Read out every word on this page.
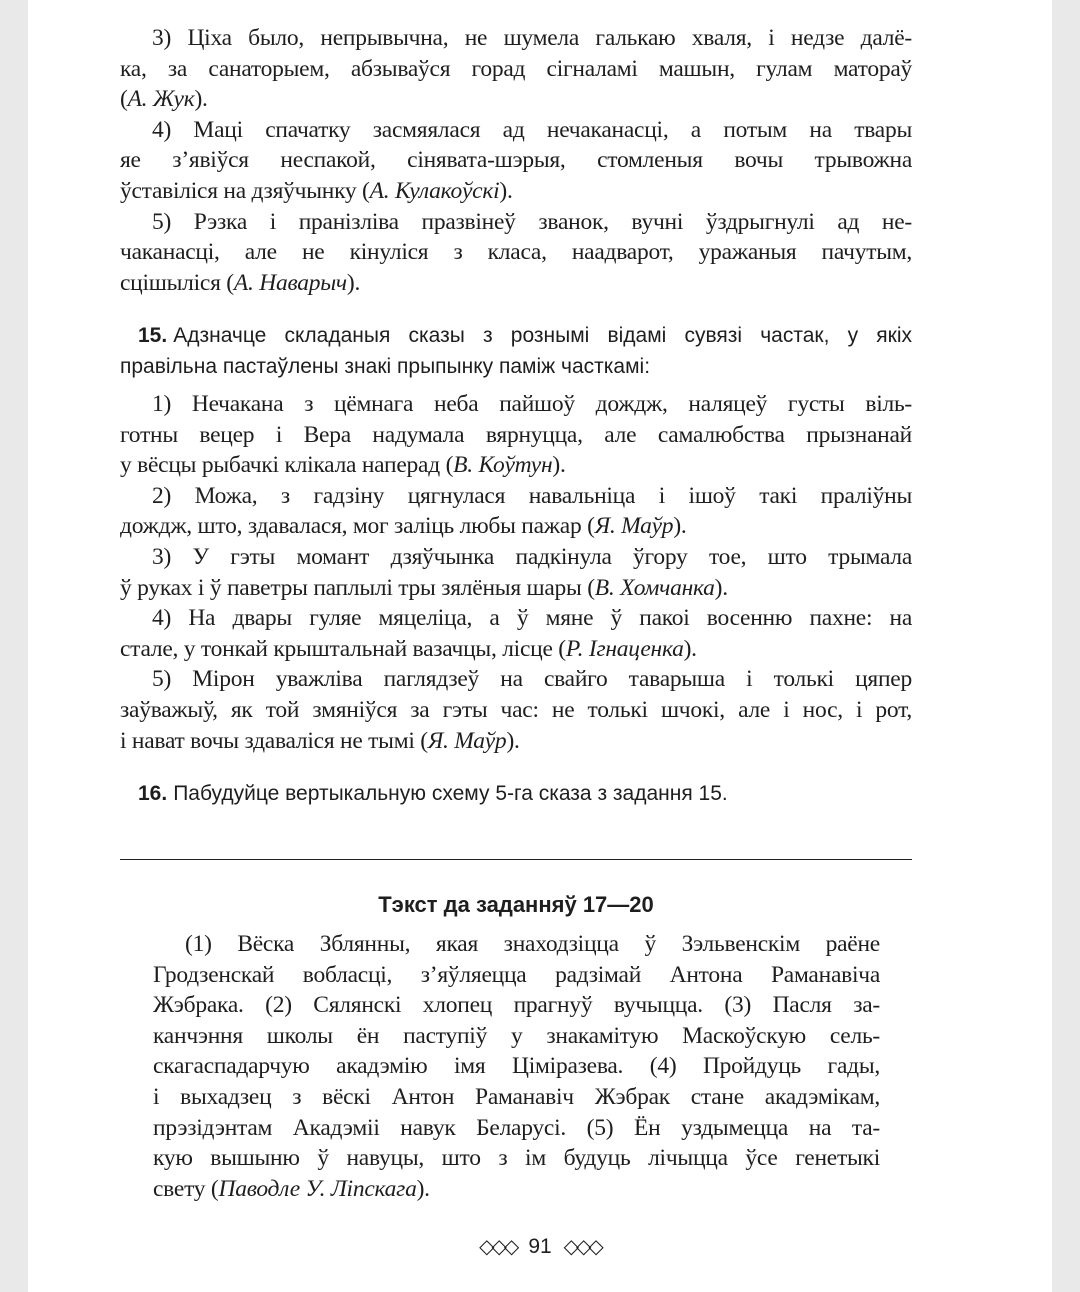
3) Ціха было, непрывычна, не шумела галькаю хваля, і недзе далё-
ка, за санаторыем, абзываўся горад сігналамі машын, гулам матораў
(А. Жук).
4) Маці спачатку засмяялася ад нечаканасці, а потым на твары
яе з’явіўся неспакой, сінявата-шэрыя, стомленыя вочы трывожна
ўставіліся на дзяўчынку (А. Кулакоўскі).
5) Рэзка і пранізліва празвінеў званок, вучні ўздрыгнулі ад не-
чаканасці, але не кінуліся з класа, наадварот, уражаныя пачутым,
сцішыліся (А. Наварыч).
15. Адзначце складаныя сказы з рознымі відамі сувязі частак, у якіх
правільна пастаўлены знакі прыпынку паміж часткамі:
1) Нечакана з цёмнага неба пайшоў дождж, наляцеў густы віль-
готны вецер і Вера надумала вярнуцца, але самалюбства прызнанай
у вёсцы рыбачкі клікала наперад (В. Коўтун).
2) Можа, з гадзіну цягнулася навальніца і ішоў такі праліўны
дождж, што, здавалася, мог заліць любы пажар (Я. Маўр).
3) У гэты момант дзяўчынка падкінула ўгору тое, што трымала
ў руках і ў паветры паплылі тры зялёныя шары (В. Хомчанка).
4) На двары гуляе мяцеліца, а ў мяне ў пакоі восенню пахне: на
стале, у тонкай крыштальнай вазачцы, лісце (Р. Ігнаценка).
5) Мірон уважліва паглядзеў на свайго таварыша і толькі цяпер
заўважыў, як той змяніўся за гэты час: не толькі шчокі, але і нос, і рот,
і нават вочы здаваліся не тымі (Я. Маўр).
16. Пабудуйце вертыкальную схему 5-га сказа з задання 15.
Тэкст да заданняў 17—20
(1) Вёска Зблянны, якая знаходзіцца ў Зэльвенскім раёне
Гродзенскай вобласці, з’яўляецца радзімай Антона Раманавіча
Жэбрака. (2) Сялянскі хлопец прагнуў вучыцца. (3) Пасля за-
канчэння школы ён паступіў у знакамітую Маскоўскую сель-
скагаспадарчую акадэмію імя Ціміразева. (4) Пройдуць гады,
і выхадзец з вёскі Антон Раманавіч Жэбрак стане акадэмікам,
прэзідэнтам Акадэміі навук Беларусі. (5) Ён уздымецца на та-
кую вышыню ў навуцы, што з ім будуць лічыцца ўсе генетыкі
свету (Паводле У. Ліпскага).
◇◇◇ 91 ◇◇◇
